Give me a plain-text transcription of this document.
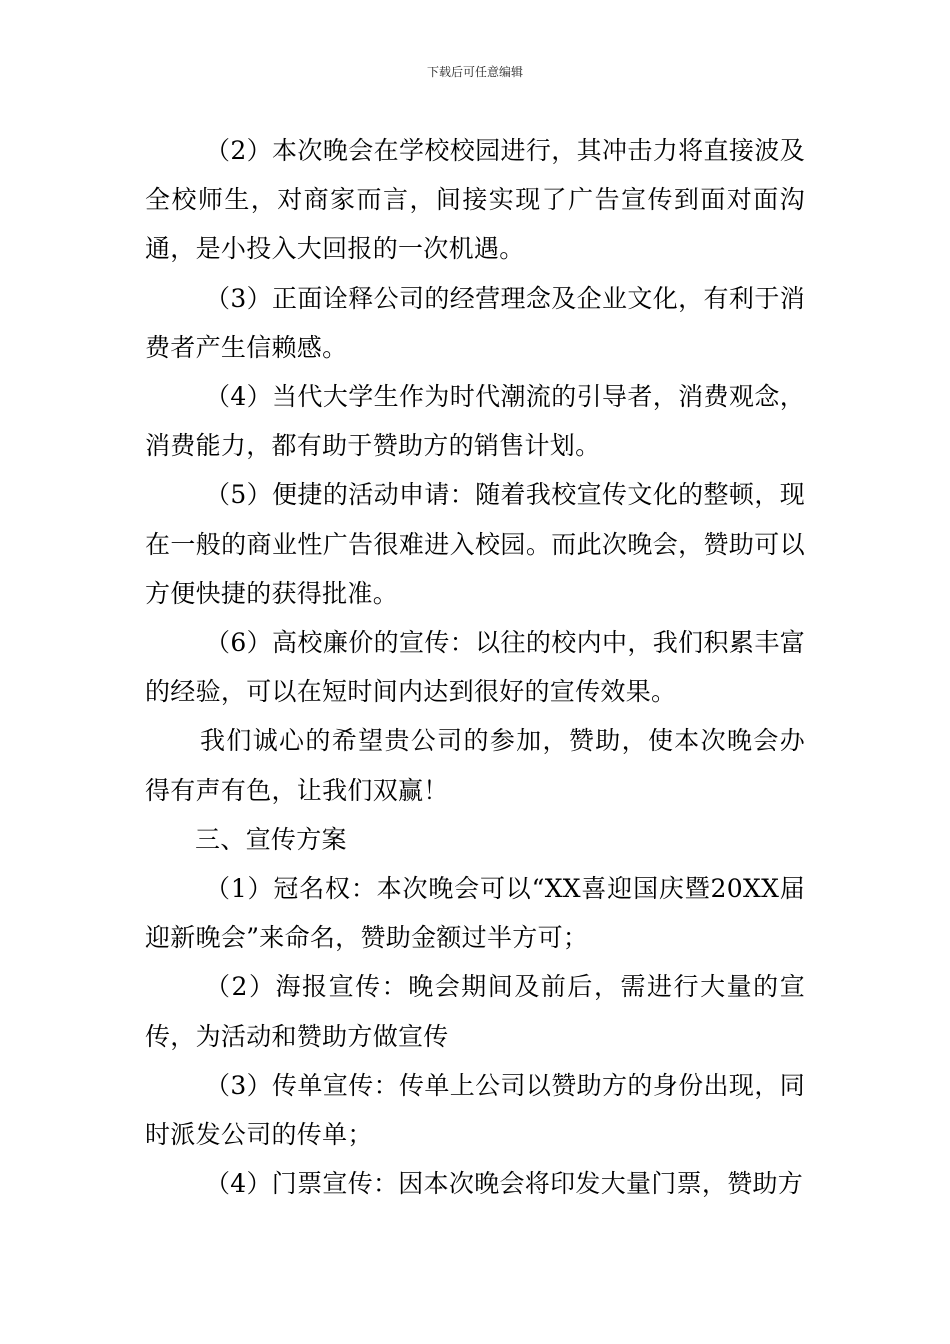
下载后可任意编辑

（2）本次晚会在学校校园进行，其冲击力将直接波及全校师生，对商家而言，间接实现了广告宣传到面对面沟通，是小投入大回报的一次机遇。

（3）正面诠释公司的经营理念及企业文化，有利于消费者产生信赖感。

（4）当代大学生作为时代潮流的引导者，消费观念，消费能力，都有助于赞助方的销售计划。

（5）便捷的活动申请：随着我校宣传文化的整顿，现在一般的商业性广告很难进入校园。而此次晚会，赞助可以方便快捷的获得批准。

（6）高校廉价的宣传：以往的校内中，我们积累丰富的经验，可以在短时间内达到很好的宣传效果。

我们诚心的希望贵公司的参加，赞助，使本次晚会办得有声有色，让我们双赢！

三、宣传方案

（1）冠名权：本次晚会可以“XX喜迎国庆暨20XX届迎新晚会”来命名，赞助金额过半方可；

（2）海报宣传：晚会期间及前后，需进行大量的宣传，为活动和赞助方做宣传

（3）传单宣传：传单上公司以赞助方的身份出现，同时派发公司的传单；

（4）门票宣传：因本次晚会将印发大量门票，赞助方
